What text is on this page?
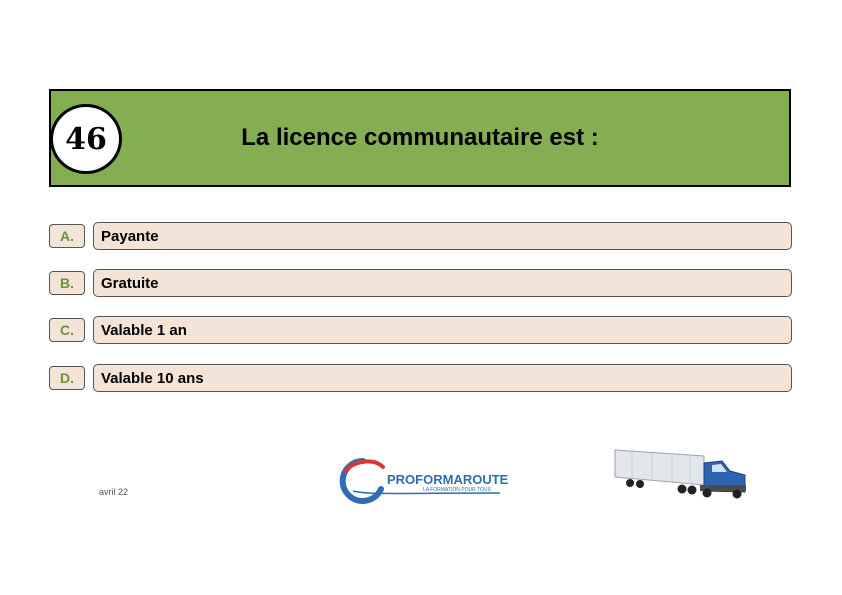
46	La licence communautaire est :
A.	Payante
B.	Gratuite
C.	Valable 1 an
D.	Valable 10 ans
avril 22
PROFORMAROUTE
LA FORMATION POUR TOUS
